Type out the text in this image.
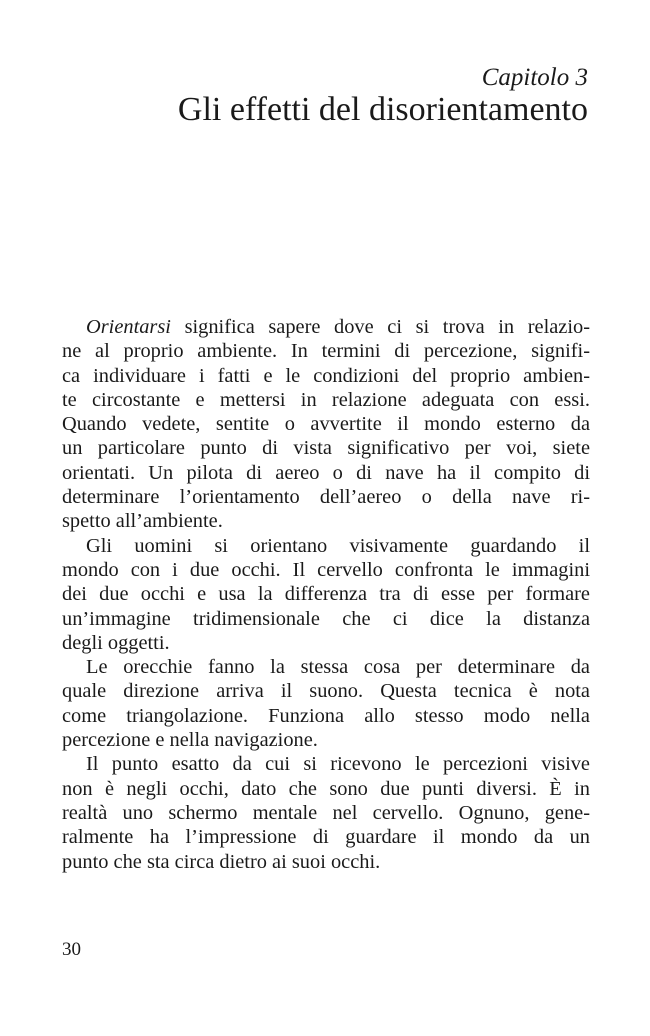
Capitolo 3
Gli effetti del disorientamento
Orientarsi significa sapere dove ci si trova in relazio-
ne al proprio ambiente. In termini di percezione, signifi-
ca individuare i fatti e le condizioni del proprio ambien-
te circostante e mettersi in relazione adeguata con essi.
Quando vedete, sentite o avvertite il mondo esterno da
un particolare punto di vista significativo per voi, siete
orientati. Un pilota di aereo o di nave ha il compito di
determinare l’orientamento dell’aereo o della nave ri-
spetto all’ambiente.
Gli uomini si orientano visivamente guardando il
mondo con i due occhi. Il cervello confronta le immagini
dei due occhi e usa la differenza tra di esse per formare
un’immagine tridimensionale che ci dice la distanza
degli oggetti.
Le orecchie fanno la stessa cosa per determinare da
quale direzione arriva il suono. Questa tecnica è nota
come triangolazione. Funziona allo stesso modo nella
percezione e nella navigazione.
Il punto esatto da cui si ricevono le percezioni visive
non è negli occhi, dato che sono due punti diversi. È in
realtà uno schermo mentale nel cervello. Ognuno, gene-
ralmente ha l’impressione di guardare il mondo da un
punto che sta circa dietro ai suoi occhi.
30
